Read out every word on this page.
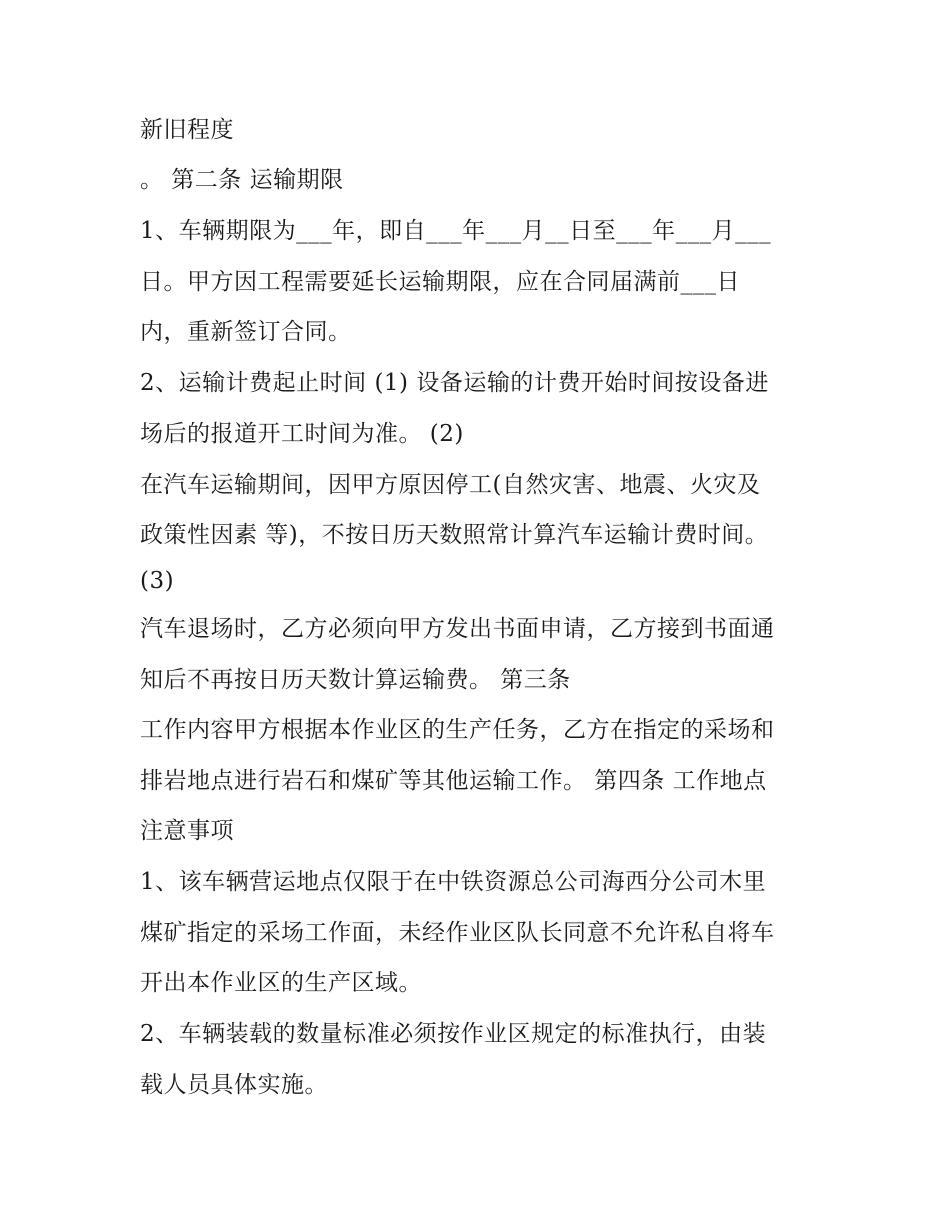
新旧程度
。 第二条 运输期限
1、车辆期限为___年，即自___年___月__日至___年___月___
日。甲方因工程需要延长运输期限，应在合同届满前___日
内，重新签订合同。
2、运输计费起止时间 (1) 设备运输的计费开始时间按设备进
场后的报道开工时间为准。 (2)
在汽车运输期间，因甲方原因停工(自然灾害、地震、火灾及
政策性因素 等)，不按日历天数照常计算汽车运输计费时间。
(3)
汽车退场时，乙方必须向甲方发出书面申请，乙方接到书面通
知后不再按日历天数计算运输费。 第三条
工作内容甲方根据本作业区的生产任务，乙方在指定的采场和
排岩地点进行岩石和煤矿等其他运输工作。 第四条 工作地点
注意事项
1、该车辆营运地点仅限于在中铁资源总公司海西分公司木里
煤矿指定的采场工作面，未经作业区队长同意不允许私自将车
开出本作业区的生产区域。
2、车辆装载的数量标准必须按作业区规定的标准执行，由装
载人员具体实施。
